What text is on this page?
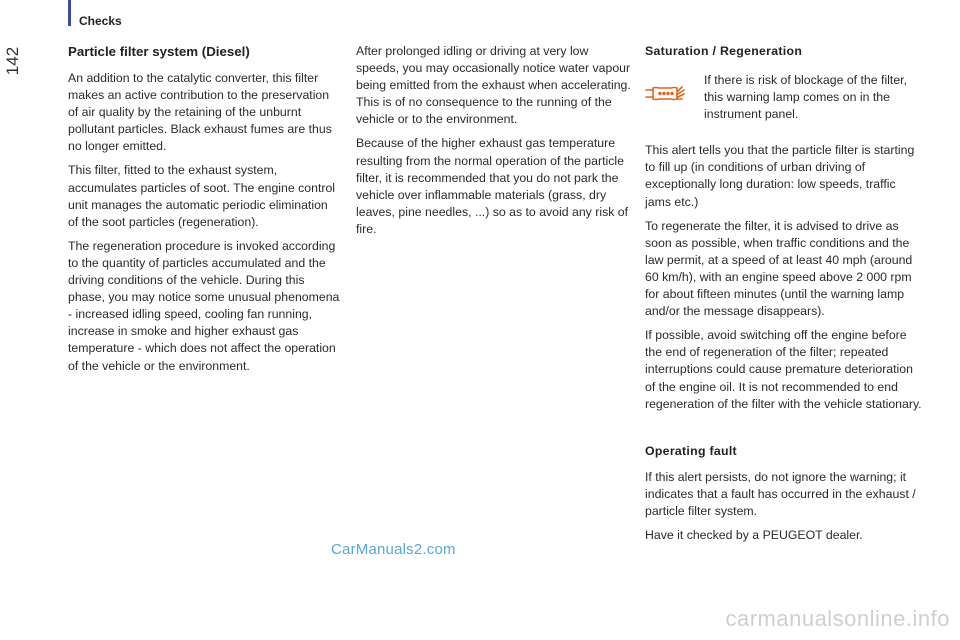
Checks
142	Particle filter system (Diesel)

An addition to the catalytic converter, this filter makes an active contribution to the preservation of air quality by the retaining of the unburnt pollutant particles. Black exhaust fumes are thus no longer emitted.

This filter, fitted to the exhaust system, accumulates particles of soot. The engine control unit manages the automatic periodic elimination of the soot particles (regeneration).

The regeneration procedure is invoked according to the quantity of particles accumulated and the driving conditions of the vehicle. During this phase, you may notice some unusual phenomena - increased idling speed, cooling fan running, increase in smoke and higher exhaust gas temperature - which does not affect the operation of the vehicle or the environment.

After prolonged idling or driving at very low speeds, you may occasionally notice water vapour being emitted from the exhaust when accelerating. This is of no consequence to the running of the vehicle or to the environment.

Because of the higher exhaust gas temperature resulting from the normal operation of the particle filter, it is recommended that you do not park the vehicle over inflammable materials (grass, dry leaves, pine needles, ...) so as to avoid any risk of fire.

Saturation / Regeneration
If there is risk of blockage of the filter, this warning lamp comes on in the instrument panel.

This alert tells you that the particle filter is starting to fill up (in conditions of urban driving of exceptionally long duration: low speeds, traffic jams etc.)

To regenerate the filter, it is advised to drive as soon as possible, when traffic conditions and the law permit, at a speed of at least 40 mph (around 60 km/h), with an engine speed above 2 000 rpm for about fifteen minutes (until the warning lamp and/or the message disappears).

If possible, avoid switching off the engine before the end of regeneration of the filter; repeated interruptions could cause premature deterioration of the engine oil. It is not recommended to end regeneration of the filter with the vehicle stationary.

Operating fault

If this alert persists, do not ignore the warning; it indicates that a fault has occurred in the exhaust / particle filter system.

Have it checked by a PEUGEOT dealer.

CarManuals2.com
carmanualsonline.info
